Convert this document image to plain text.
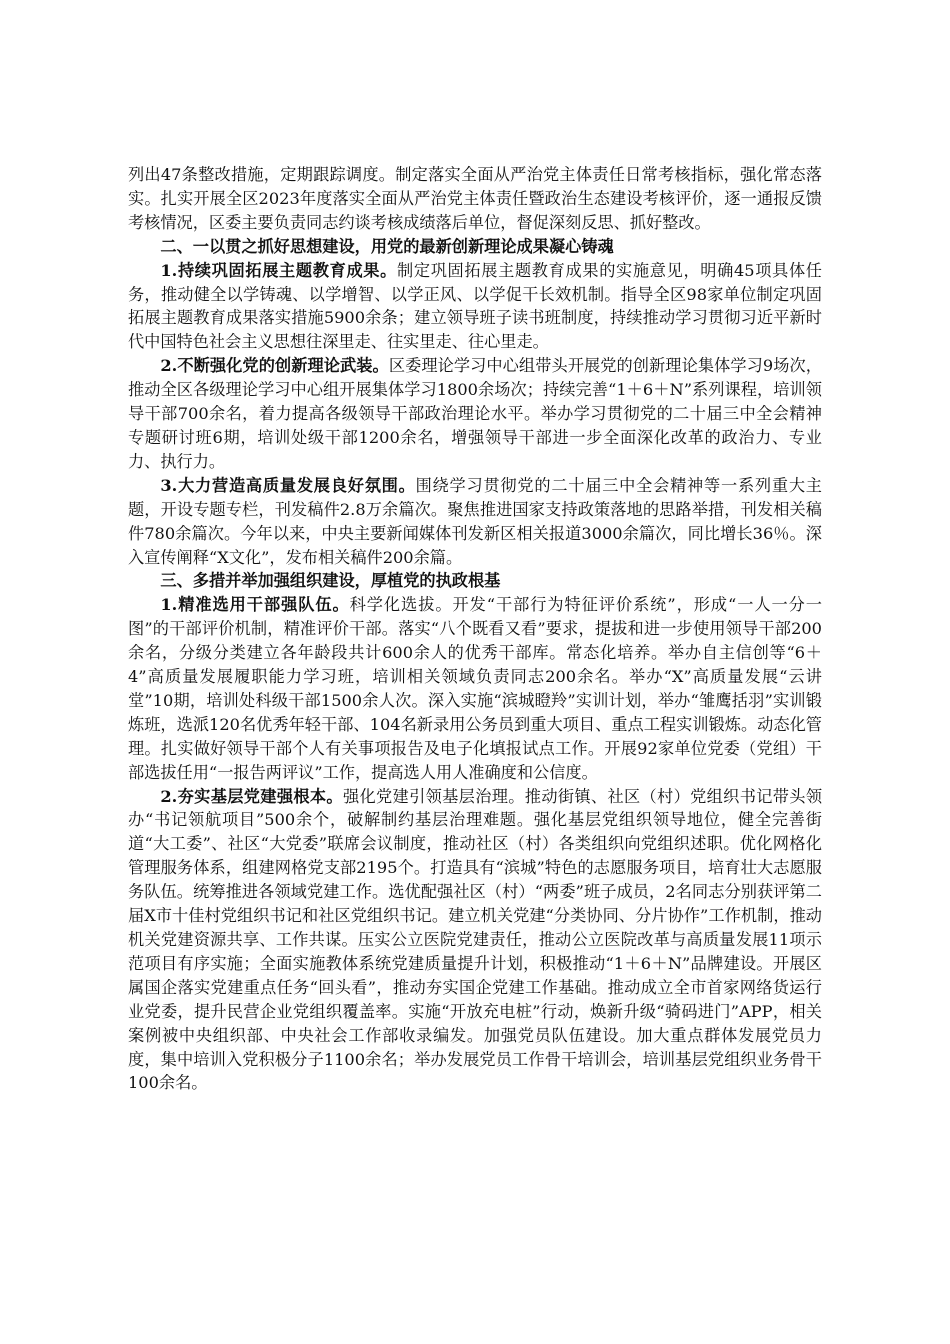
列出47条整改措施，定期跟踪调度。制定落实全面从严治党主体责任日常考核指标，强化常态落实。扎实开展全区2023年度落实全面从严治党主体责任暨政治生态建设考核评价，逐一通报反馈考核情况，区委主要负责同志约谈考核成绩落后单位，督促深刻反思、抓好整改。

二、一以贯之抓好思想建设，用党的最新创新理论成果凝心铸魂

1.持续巩固拓展主题教育成果。制定巩固拓展主题教育成果的实施意见，明确45项具体任务，推动健全以学铸魂、以学增智、以学正风、以学促干长效机制。指导全区98家单位制定巩固拓展主题教育成果落实措施5900余条；建立领导班子读书班制度，持续推动学习贯彻习近平新时代中国特色社会主义思想往深里走、往实里走、往心里走。

2.不断强化党的创新理论武装。区委理论学习中心组带头开展党的创新理论集体学习9场次，推动全区各级理论学习中心组开展集体学习1800余场次；持续完善“1＋6＋N”系列课程，培训领导干部700余名，着力提高各级领导干部政治理论水平。举办学习贯彻党的二十届三中全会精神专题研讨班6期，培训处级干部1200余名，增强领导干部进一步全面深化改革的政治力、专业力、执行力。

3.大力营造高质量发展良好氛围。围绕学习贯彻党的二十届三中全会精神等一系列重大主题，开设专题专栏，刊发稿件2.8万余篇次。聚焦推进国家支持政策落地的思路举措，刊发相关稿件780余篇次。今年以来，中央主要新闻媒体刊发新区相关报道3000余篇次，同比增长36％。深入宣传阐释“X文化”，发布相关稿件200余篇。

三、多措并举加强组织建设，厚植党的执政根基

1.精准选用干部强队伍。科学化选拔。开发“干部行为特征评价系统”，形成“一人一分一图”的干部评价机制，精准评价干部。落实“八个既看又看”要求，提拔和进一步使用领导干部200余名，分级分类建立各年龄段共计600余人的优秀干部库。常态化培养。举办自主信创等“6＋4”高质量发展履职能力学习班，培训相关领域负责同志200余名。举办“X”高质量发展“云讲堂”10期，培训处科级干部1500余人次。深入实施“滨城瞪羚”实训计划，举办“雏鹰括羽”实训锻炼班，选派120名优秀年轻干部、104名新录用公务员到重大项目、重点工程实训锻炼。动态化管理。扎实做好领导干部个人有关事项报告及电子化填报试点工作。开展92家单位党委（党组）干部选拔任用“一报告两评议”工作，提高选人用人准确度和公信度。

2.夯实基层党建强根本。强化党建引领基层治理。推动街镇、社区（村）党组织书记带头领办“书记领航项目”500余个，破解制约基层治理难题。强化基层党组织领导地位，健全完善街道“大工委”、社区“大党委”联席会议制度，推动社区（村）各类组织向党组织述职。优化网格化管理服务体系，组建网格党支部2195个。打造具有“滨城”特色的志愿服务项目，培育壮大志愿服务队伍。统筹推进各领域党建工作。选优配强社区（村）“两委”班子成员，2名同志分别获评第二届X市十佳村党组织书记和社区党组织书记。建立机关党建“分类协同、分片协作”工作机制，推动机关党建资源共享、工作共谋。压实公立医院党建责任，推动公立医院改革与高质量发展11项示范项目有序实施；全面实施教体系统党建质量提升计划，积极推动“1＋6＋N”品牌建设。开展区属国企落实党建重点任务“回头看”，推动夯实国企党建工作基础。推动成立全市首家网络货运行业党委，提升民营企业党组织覆盖率。实施“开放充电桩”行动，焕新升级“骑码进门”APP，相关案例被中央组织部、中央社会工作部收录编发。加强党员队伍建设。加大重点群体发展党员力度，集中培训入党积极分子1100余名；举办发展党员工作骨干培训会，培训基层党组织业务骨干100余名。
